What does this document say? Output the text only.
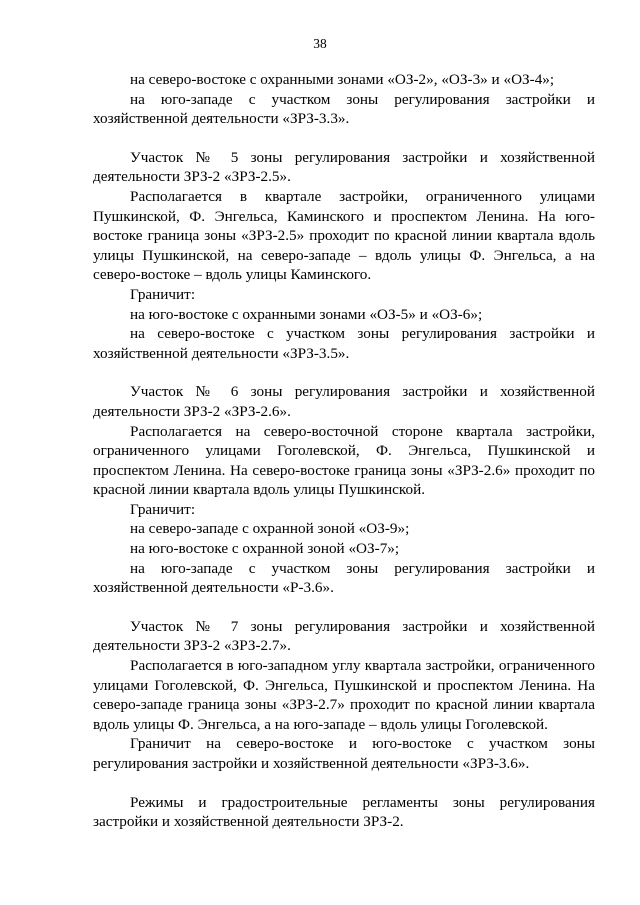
38

на северо-востоке с охранными зонами «ОЗ-2», «ОЗ-3» и «ОЗ-4»;

на юго-западе с участком зоны регулирования застройки и хозяйственной деятельности «ЗРЗ-3.3».

Участок № 5 зоны регулирования застройки и хозяйственной деятельности ЗРЗ-2 «ЗРЗ-2.5».

Располагается в квартале застройки, ограниченного улицами Пушкинской, Ф. Энгельса, Каминского и проспектом Ленина. На юго-востоке граница зоны «ЗРЗ-2.5» проходит по красной линии квартала вдоль улицы Пушкинской, на северо-западе – вдоль улицы Ф. Энгельса, а на северо-востоке – вдоль улицы Каминского.

Граничит:

на юго-востоке с охранными зонами «ОЗ-5» и «ОЗ-6»;

на северо-востоке с участком зоны регулирования застройки и хозяйственной деятельности «ЗРЗ-3.5».

Участок № 6 зоны регулирования застройки и хозяйственной деятельности ЗРЗ-2 «ЗРЗ-2.6».

Располагается на северо-восточной стороне квартала застройки, ограниченного улицами Гоголевской, Ф. Энгельса, Пушкинской и проспектом Ленина. На северо-востоке граница зоны «ЗРЗ-2.6» проходит по красной линии квартала вдоль улицы Пушкинской.

Граничит:

на северо-западе с охранной зоной «ОЗ-9»;

на юго-востоке с охранной зоной «ОЗ-7»;

на юго-западе с участком зоны регулирования застройки и хозяйственной деятельности «Р-3.6».

Участок № 7 зоны регулирования застройки и хозяйственной деятельности ЗРЗ-2 «ЗРЗ-2.7».

Располагается в юго-западном углу квартала застройки, ограниченного улицами Гоголевской, Ф. Энгельса, Пушкинской и проспектом Ленина. На северо-западе граница зоны «ЗРЗ-2.7» проходит по красной линии квартала вдоль улицы Ф. Энгельса, а на юго-западе – вдоль улицы Гоголевской.

Граничит на северо-востоке и юго-востоке с участком зоны регулирования застройки и хозяйственной деятельности «ЗРЗ-3.6».

Режимы и градостроительные регламенты зоны регулирования застройки и хозяйственной деятельности ЗРЗ-2.
